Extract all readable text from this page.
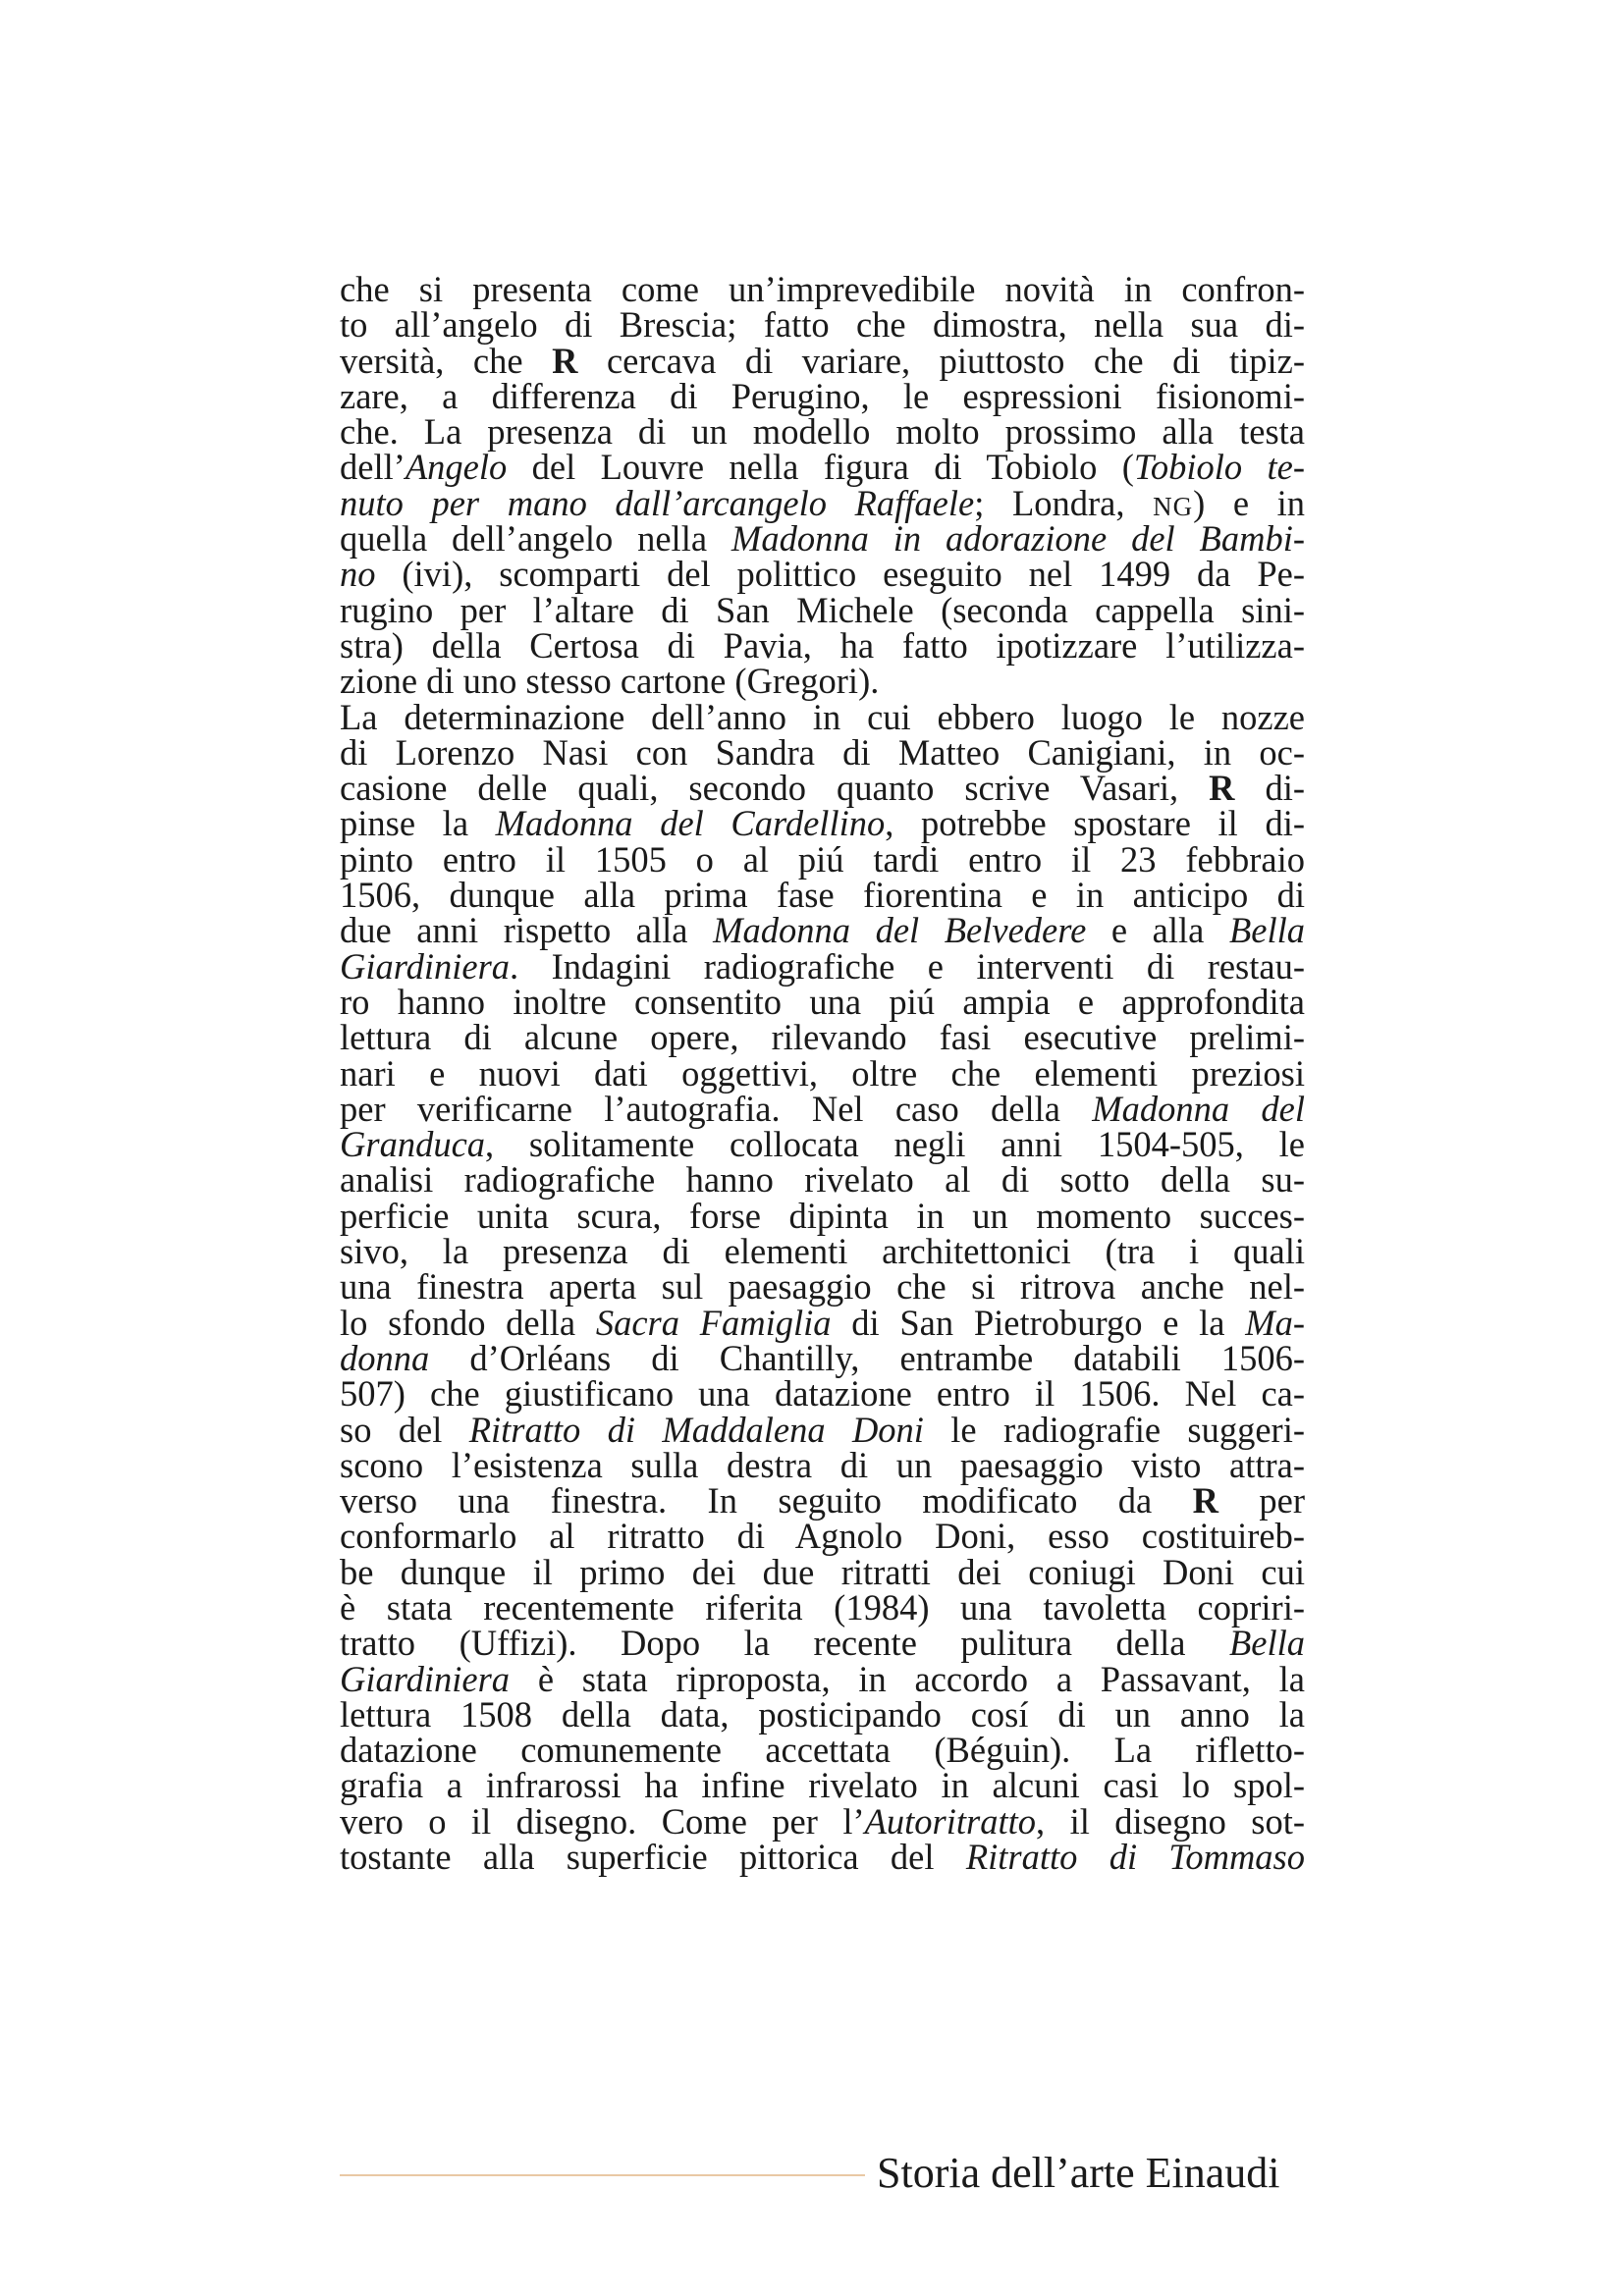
che si presenta come un’imprevedibile novità in confron-
to all’angelo di Brescia; fatto che dimostra, nella sua di-
versità, che R cercava di variare, piuttosto che di tipiz-
zare, a differenza di Perugino, le espressioni fisionomi-
che. La presenza di un modello molto prossimo alla testa
dell’Angelo del Louvre nella figura di Tobiolo (Tobiolo te-
nuto per mano dall’arcangelo Raffaele; Londra, NG) e in
quella dell’angelo nella Madonna in adorazione del Bambi-
no (ivi), scomparti del polittico eseguito nel 1499 da Pe-
rugino per l’altare di San Michele (seconda cappella sini-
stra) della Certosa di Pavia, ha fatto ipotizzare l’utilizza-
zione di uno stesso cartone (Gregori).
La determinazione dell’anno in cui ebbero luogo le nozze
di Lorenzo Nasi con Sandra di Matteo Canigiani, in oc-
casione delle quali, secondo quanto scrive Vasari, R di-
pinse la Madonna del Cardellino, potrebbe spostare il di-
pinto entro il 1505 o al piú tardi entro il 23 febbraio
1506, dunque alla prima fase fiorentina e in anticipo di
due anni rispetto alla Madonna del Belvedere e alla Bella
Giardiniera. Indagini radiografiche e interventi di restau-
ro hanno inoltre consentito una piú ampia e approfondita
lettura di alcune opere, rilevando fasi esecutive prelimi-
nari e nuovi dati oggettivi, oltre che elementi preziosi
per verificarne l’autografia. Nel caso della Madonna del
Granduca, solitamente collocata negli anni 1504-505, le
analisi radiografiche hanno rivelato al di sotto della su-
perficie unita scura, forse dipinta in un momento succes-
sivo, la presenza di elementi architettonici (tra i quali
una finestra aperta sul paesaggio che si ritrova anche nel-
lo sfondo della Sacra Famiglia di San Pietroburgo e la Ma-
donna d’Orléans di Chantilly, entrambe databili 1506-
507) che giustificano una datazione entro il 1506. Nel ca-
so del Ritratto di Maddalena Doni le radiografie suggeri-
scono l’esistenza sulla destra di un paesaggio visto attra-
verso una finestra. In seguito modificato da R per
conformarlo al ritratto di Agnolo Doni, esso costituireb-
be dunque il primo dei due ritratti dei coniugi Doni cui
è stata recentemente riferita (1984) una tavoletta copriri-
tratto (Uffizi). Dopo la recente pulitura della Bella
Giardiniera è stata riproposta, in accordo a Passavant, la
lettura 1508 della data, posticipando cosí di un anno la
datazione comunemente accettata (Béguin). La rifletto-
grafia a infrarossi ha infine rivelato in alcuni casi lo spol-
vero o il disegno. Come per l’Autoritratto, il disegno sot-
tostante alla superficie pittorica del Ritratto di Tommaso
Storia dell’arte Einaudi
